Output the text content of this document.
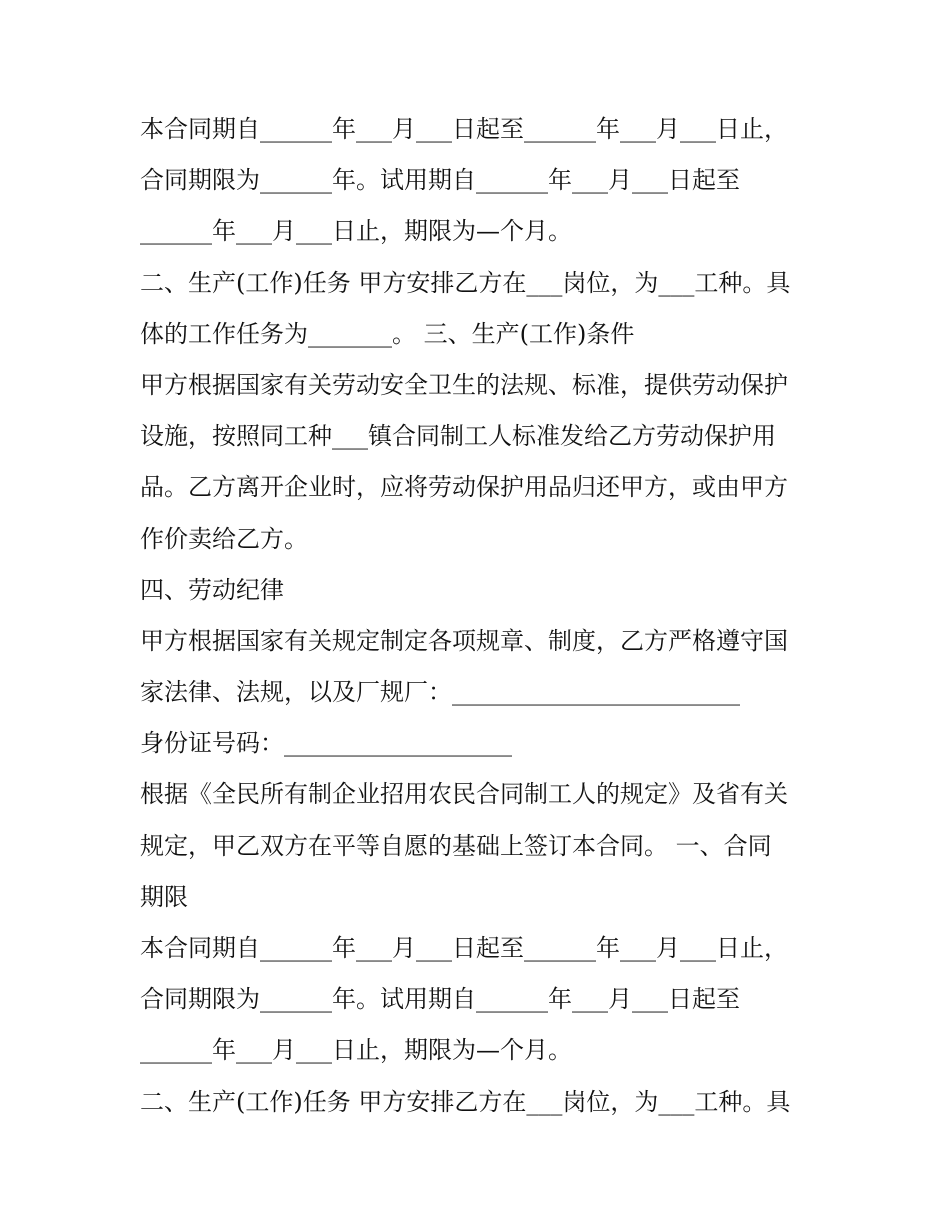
本合同期自______年___月___日起至______年___月___日止，
合同期限为______年。试用期自______年___月___日起至
______年___月___日止，期限为—个月。
二、生产(工作)任务 甲方安排乙方在___岗位，为___工种。具
体的工作任务为_______。 三、生产(工作)条件
甲方根据国家有关劳动安全卫生的法规、标准，提供劳动保护
设施，按照同工种___镇合同制工人标准发给乙方劳动保护用
品。乙方离开企业时，应将劳动保护用品归还甲方，或由甲方
作价卖给乙方。
四、劳动纪律
甲方根据国家有关规定制定各项规章、制度，乙方严格遵守国
家法律、法规，以及厂规厂：________________________
身份证号码：___________________
根据《全民所有制企业招用农民合同制工人的规定》及省有关
规定，甲乙双方在平等自愿的基础上签订本合同。 一、合同
期限
本合同期自______年___月___日起至______年___月___日止，
合同期限为______年。试用期自______年___月___日起至
______年___月___日止，期限为—个月。
二、生产(工作)任务 甲方安排乙方在___岗位，为___工种。具
